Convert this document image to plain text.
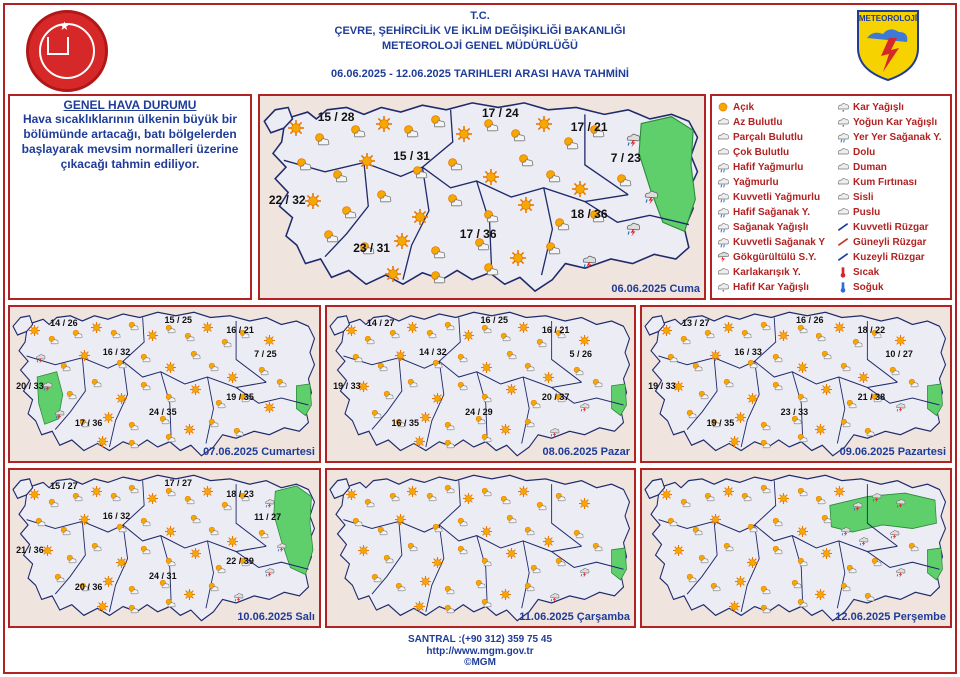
★
T.C.
ÇEVRE, ŞEHİRCİLİK VE İKLİM DEĞİŞİKLİĞİ BAKANLIĞI
METEOROLOJİ GENEL MÜDÜRLÜĞÜ
06.06.2025 - 12.06.2025 TARIHLERI ARASI HAVA TAHMİNİ
METEOROLOJİ
GENEL HAVA DURUMU
Hava sıcaklıklarının ülkenin büyük bir bölümünde artacağı, batı bölgelerden başlayarak mevsim normalleri üzerine çıkacağı tahmin ediliyor.
15 / 28	17 / 24
17 / 21
15 / 31	7 / 23
22 / 32
18 / 36
17 / 36
23 / 31
06.06.2025 Cuma
Açık
Az Bulutlu
Parçalı Bulutlu
Çok Bulutlu
Hafif Yağmurlu
Yağmurlu
Kuvvetli Yağmurlu
Hafif Sağanak Y.
Sağanak Yağışlı
Kuvvetli Sağanak Y
Gökgürültülü S.Y.
Karlakarışık Y.
* Hafif Kar Yağışlı
* Kar Yağışlı
* Yoğun Kar Yağışlı
Yer Yer Sağanak Y.
Dolu
Duman
Kum Fırtınası
Sisli
Puslu
Kuvvetli Rüzgar
Güneyli Rüzgar
Kuzeyli Rüzgar
Sıcak
Soğuk
14 / 26	15 / 25
16 / 21
16 / 32	7 / 25
20 / 33
19 / 35
24 / 35
17 / 36
07.06.2025 Cumartesi
14 / 27	16 / 25
16 / 21
14 / 32	5 / 26
19 / 33
20 / 37
24 / 29
16 / 35
08.06.2025 Pazar
13 / 27	16 / 26
18 / 22
16 / 33	10 / 27
19 / 33
21 / 38
23 / 33
19 / 35
09.06.2025 Pazartesi
15 / 27	17 / 27
18 / 23
16 / 32	11 / 27
21 / 36
22 / 39
24 / 31
20 / 36
10.06.2025 Salı	11.06.2025 Çarşamba	12.06.2025 Perşembe
SANTRAL :(+90 312) 359 75 45
http://www.mgm.gov.tr
©MGM
